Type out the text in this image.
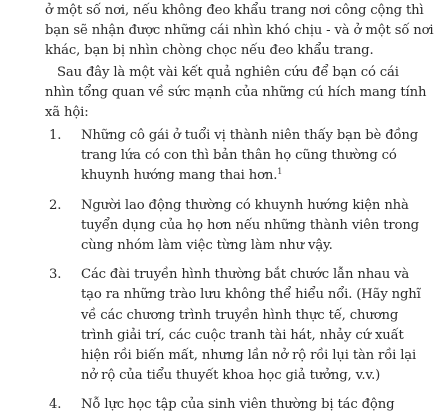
ở một số nơi, nếu không đeo khẩu trang nơi công cộng thì
bạn sẽ nhận được những cái nhìn khó chịu - và ở một số nơi
khác, bạn bị nhìn chòng chọc nếu đeo khẩu trang.
Sau đây là một vài kết quả nghiên cứu để bạn có cái
nhìn tổng quan về sức mạnh của những cú hích mang tính
xã hội:
1. Những cô gái ở tuổi vị thành niên thấy bạn bè đồng
trang lứa có con thì bản thân họ cũng thường có
khuynh hướng mang thai hơn.$^1$
2. Người lao động thường có khuynh hướng kiện nhà
tuyển dụng của họ hơn nếu những thành viên trong
cùng nhóm làm việc từng làm như vậy.
3. Các đài truyền hình thường bắt chước lẫn nhau và
tạo ra những trào lưu không thể hiểu nổi. (Hãy nghĩ
về các chương trình truyền hình thực tế, chương
trình giải trí, các cuộc tranh tài hát, nhảy cứ xuất
hiện rồi biến mất, nhưng lần nở rộ rồi lụi tàn rồi lại
nở rộ của tiểu thuyết khoa học giả tưởng, v.v.)
4. Nỗ lực học tập của sinh viên thường bị tác động
